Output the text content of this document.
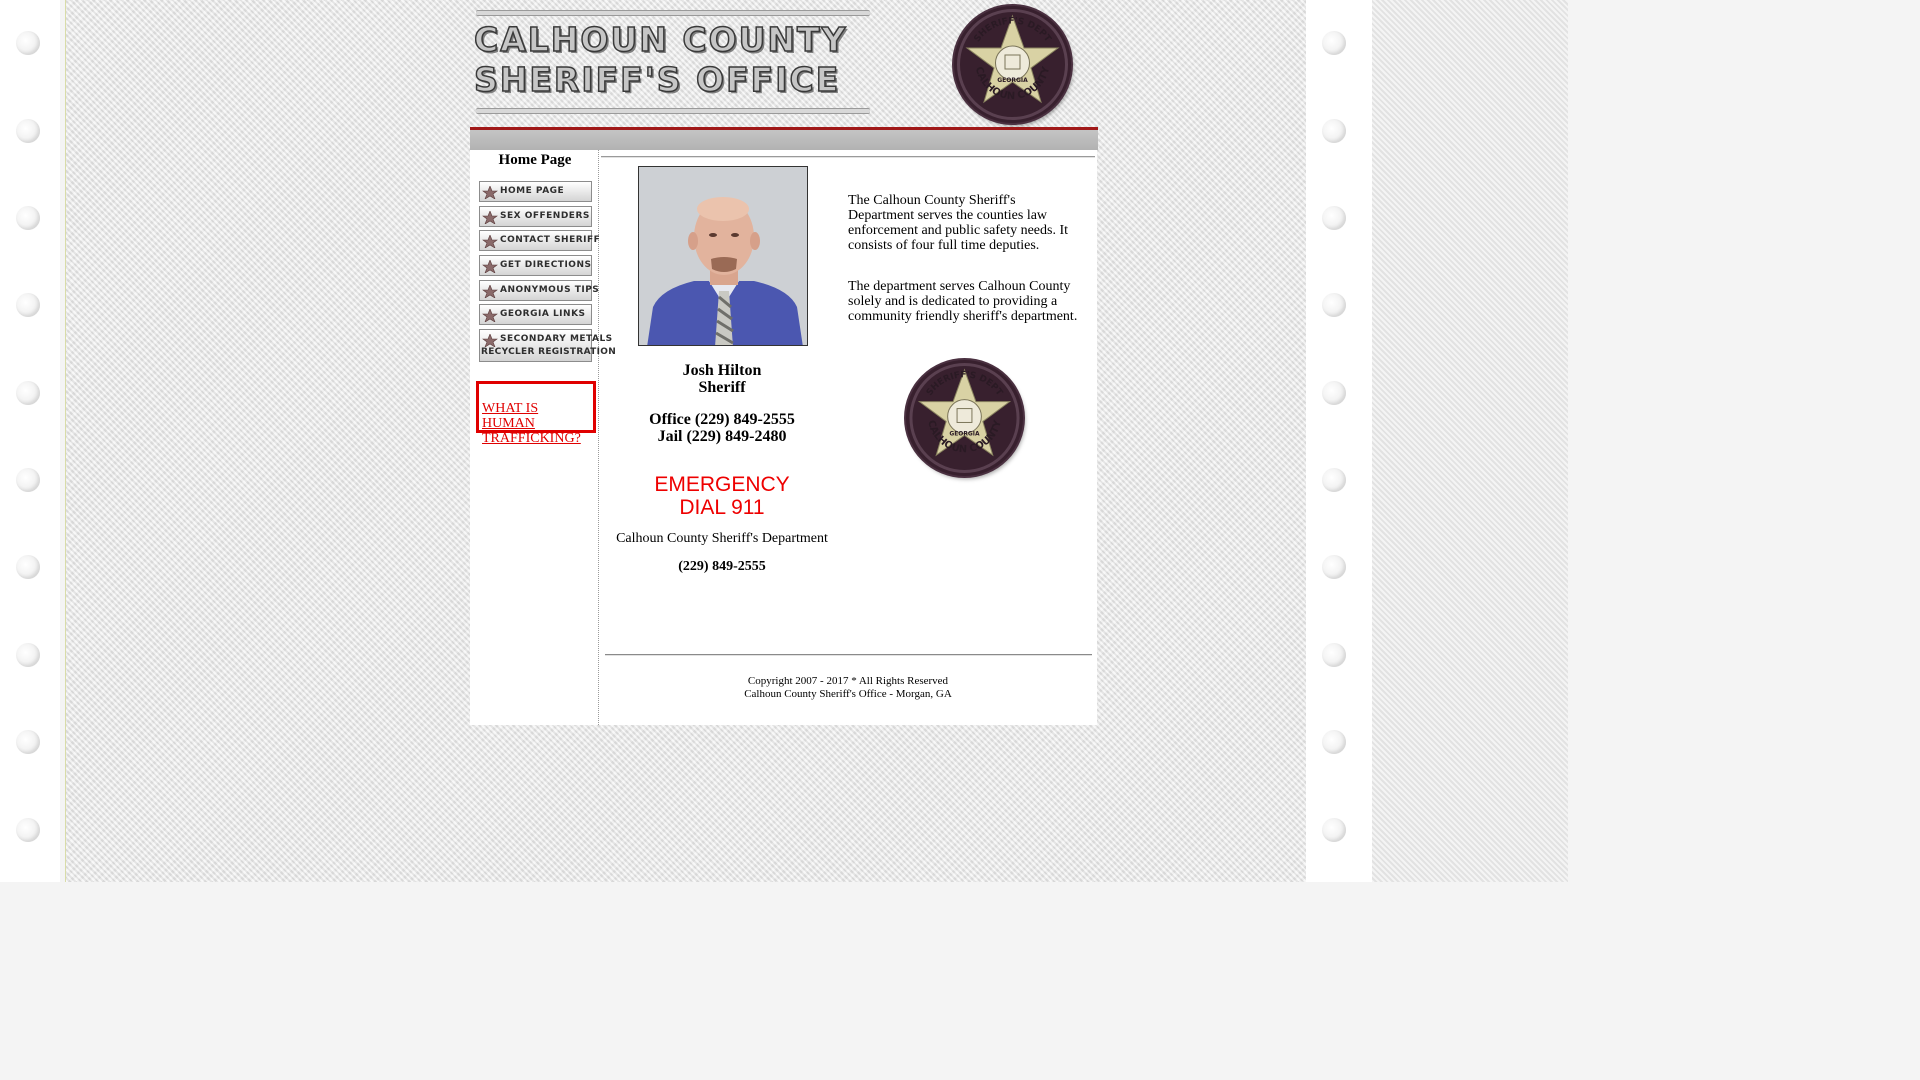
CALHOUN COUNTY
SHERIFF'S OFFICE
SHERIFF'S DEPT
GEORGIA
CALHOUN COUNTY
Home Page
HOME PAGE
SEX OFFENDERS
CONTACT SHERIFF
GET DIRECTIONS
ANONYMOUS TIPS
GEORGIA LINKS
SECONDARY METALS
RECYCLER REGISTRATION
WHAT IS HUMAN TRAFFICKING?
Josh Hilton
Sheriff
Office (229) 849-2555
Jail (229) 849-2480
EMERGENCY
DIAL 911
Calhoun County Sheriff's Department
(229) 849-2555
The Calhoun County Sheriff's Department serves the counties law enforcement and public safety needs. It consists of four full time deputies.
The department serves Calhoun County solely and is dedicated to providing a community friendly sheriff's department.
SHERIFF'S DEPT
GEORGIA
CALHOUN COUNTY
Copyright 2007 - 2017 * All Rights Reserved
Calhoun County Sheriff's Office - Morgan, GA
